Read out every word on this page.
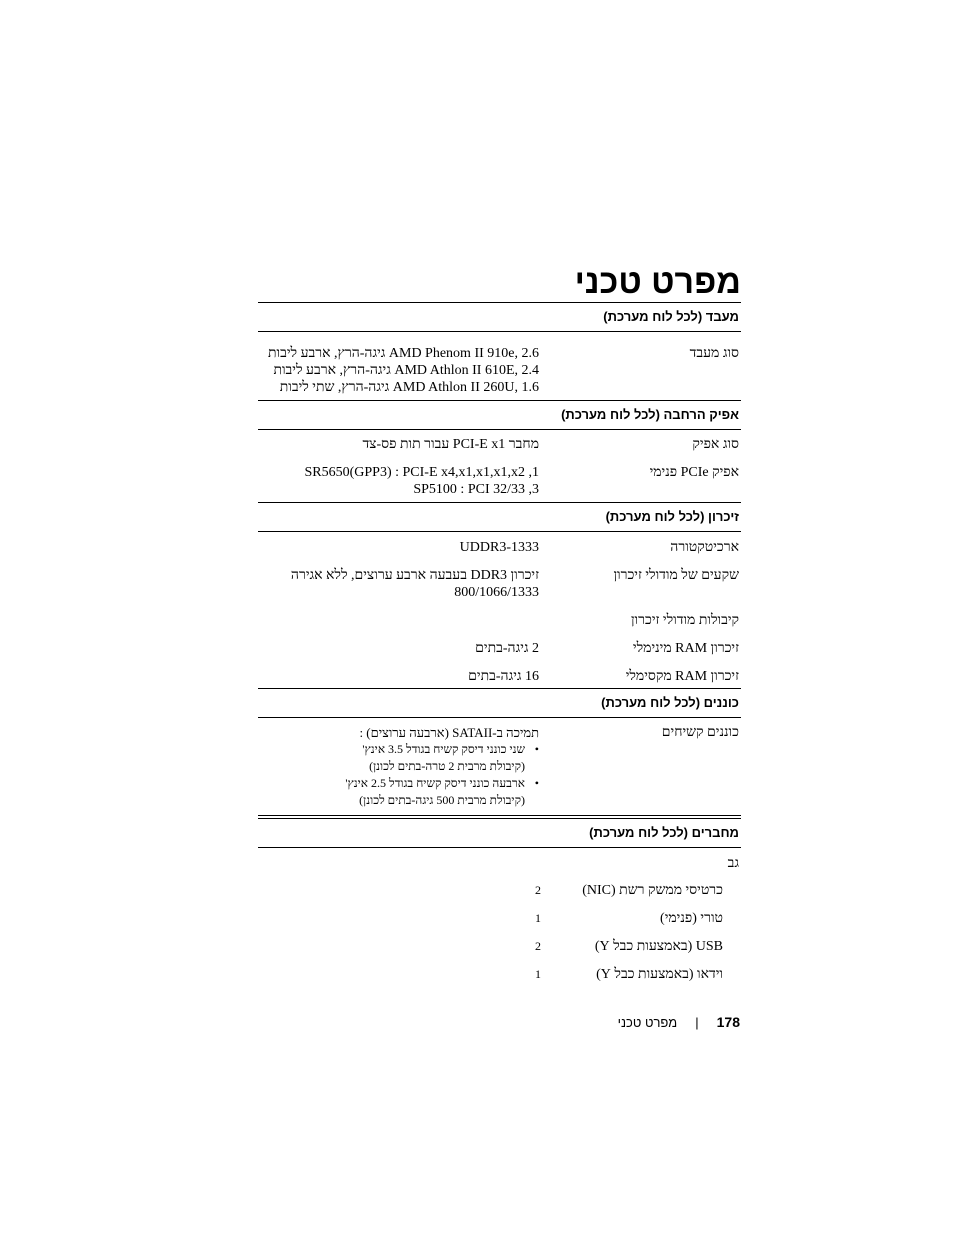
מפרט טכני
מעבד (לכל לוח מערכת)
סוג מעבד
AMD Phenom II 910e, 2.6 גיגה-הרץ, ארבע ליבות
AMD Athlon II 610E, 2.4 גיגה-הרץ, ארבע ליבות
AMD Athlon II 260U, 1.6 גיגה-הרץ, שתי ליבות
אפיק הרחבה (לכל לוח מערכת)
סוג אפיק
מחבר PCI-E x1 עבור תות פס-צד
אפיק PCIe פנימי
1, SR5650(GPP3) : PCI-E x4,x1,x1,x1,x2
3, SP5100 : PCI 32/33
זיכרון (לכל לוח מערכת)
ארכיטקטורה
UDDR3-1333
שקעים של מודולי זיכרון
זיכרון DDR3 בעבעה ארבע ערוצים, ללא אגירה
800/1066/1333
קיבולות מודולי זיכרון
זיכרון RAM מינימלי
2 גיגה-בתים
זיכרון RAM מקסימלי
16 גיגה-בתים
כוננים (לכל לוח מערכת)
כוננים קשיחים
תמיכה ב-SATAII (ארבעה ערוצים) :
• שני כונני דיסק קשיח בגודל 3.5 אינץ'
(קיבולת מרבית 2 טרה-בתים לכונן)
• ארבעה כונני דיסק קשיח בגודל 2.5 אינץ'
(קיבולת מרבית 500 גיגה-בתים לכונן)
מחברים (לכל לוח מערכת)
גב
כרטיסי ממשק רשת (NIC)
2
טורי (פנימי)
1
USB (באמצעות כבל Y)
2
וידאו (באמצעות כבל Y)
1
178|מפרט טכני
